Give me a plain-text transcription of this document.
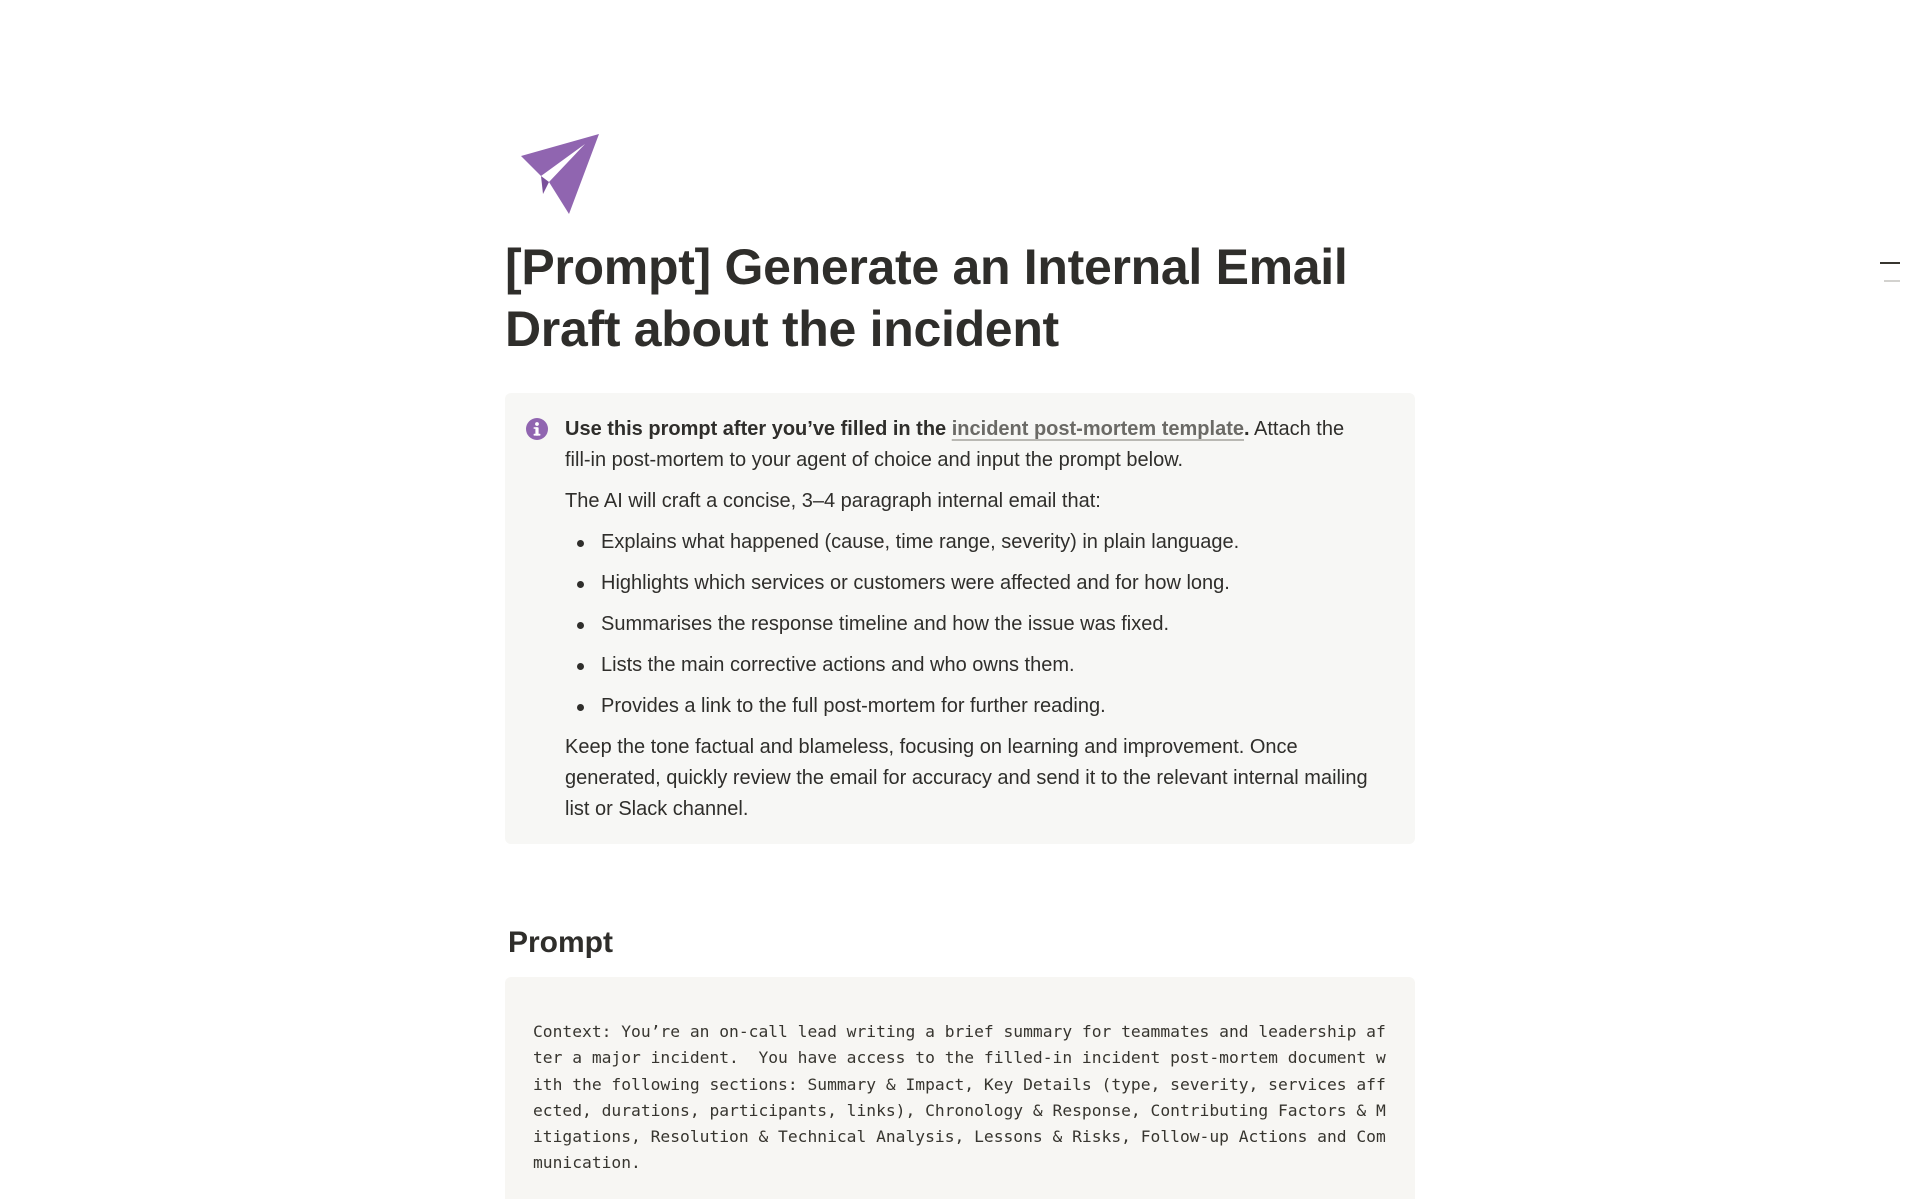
[Prompt] Generate an Internal Email Draft about the incident

Use this prompt after you’ve filled in the incident post-mortem template. Attach the fill-in post-mortem to your agent of choice and input the prompt below.

The AI will craft a concise, 3–4 paragraph internal email that:

Explains what happened (cause, time range, severity) in plain language.
Highlights which services or customers were affected and for how long.
Summarises the response timeline and how the issue was fixed.
Lists the main corrective actions and who owns them.
Provides a link to the full post-mortem for further reading.

Keep the tone factual and blameless, focusing on learning and improvement. Once generated, quickly review the email for accuracy and send it to the relevant internal mailing list or Slack channel.

Prompt
Context: You’re an on-call lead writing a brief summary for teammates and leadership after a major incident.  You have access to the filled-in incident post-mortem document with the following sections: Summary & Impact, Key Details (type, severity, services affected, durations, participants, links), Chronology & Response, Contributing Factors & Mitigations, Resolution & Technical Analysis, Lessons & Risks, Follow-up Actions and Communication.
